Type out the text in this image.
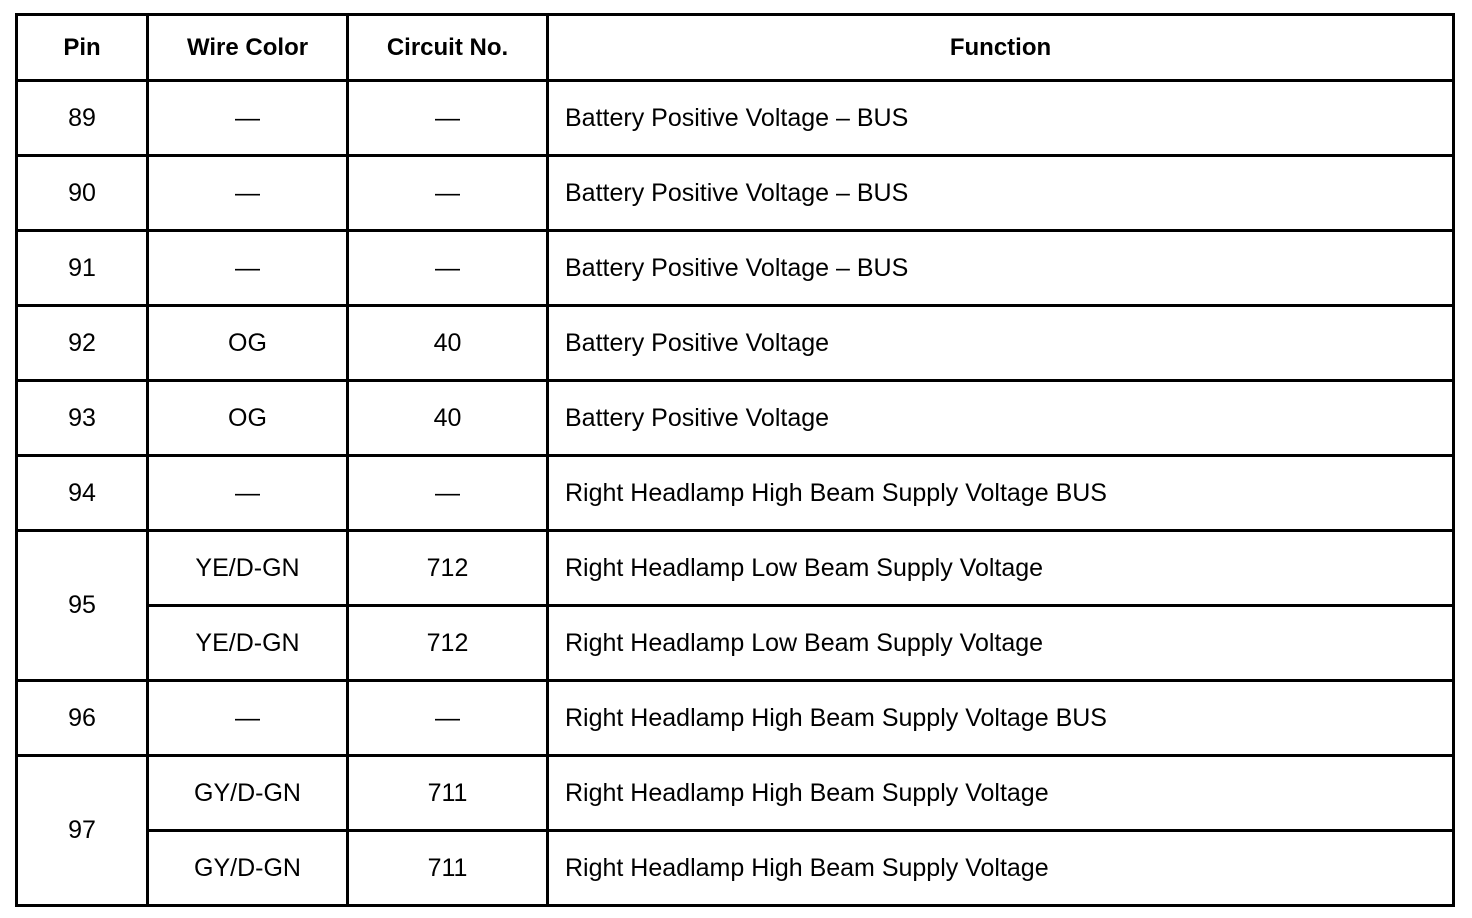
Pin	Wire Color	Circuit No.	Function
89	—	—	Battery Positive Voltage – BUS
90	—	—	Battery Positive Voltage – BUS
91	—	—	Battery Positive Voltage – BUS
92	OG	40	Battery Positive Voltage
93	OG	40	Battery Positive Voltage
94	—	—	Right Headlamp High Beam Supply Voltage BUS
95	YE/D-GN	712	Right Headlamp Low Beam Supply Voltage
	YE/D-GN	712	Right Headlamp Low Beam Supply Voltage
96	—	—	Right Headlamp High Beam Supply Voltage BUS
97	GY/D-GN	711	Right Headlamp High Beam Supply Voltage
	GY/D-GN	711	Right Headlamp High Beam Supply Voltage
